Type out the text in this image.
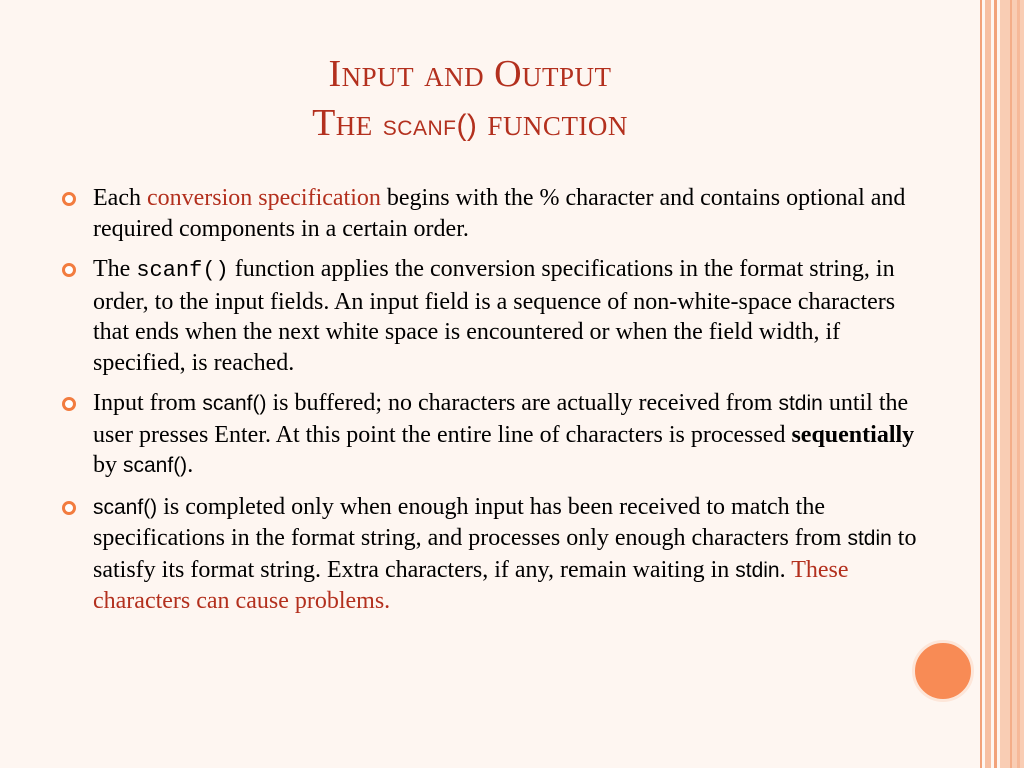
Input and Output
The scanf() function
Each conversion specification begins with the % character and contains optional and required components in a certain order.
The scanf() function applies the conversion specifications in the format string, in order, to the input fields. An input field is a sequence of non-white-space characters that ends when the next white space is encountered or when the field width, if specified, is reached.
Input from scanf() is buffered; no characters are actually received from stdin until the user presses Enter. At this point the entire line of characters is processed sequentially by scanf().
scanf() is completed only when enough input has been received to match the specifications in the format string, and processes only enough characters from stdin to satisfy its format string. Extra characters, if any, remain waiting in stdin. These characters can cause problems.
